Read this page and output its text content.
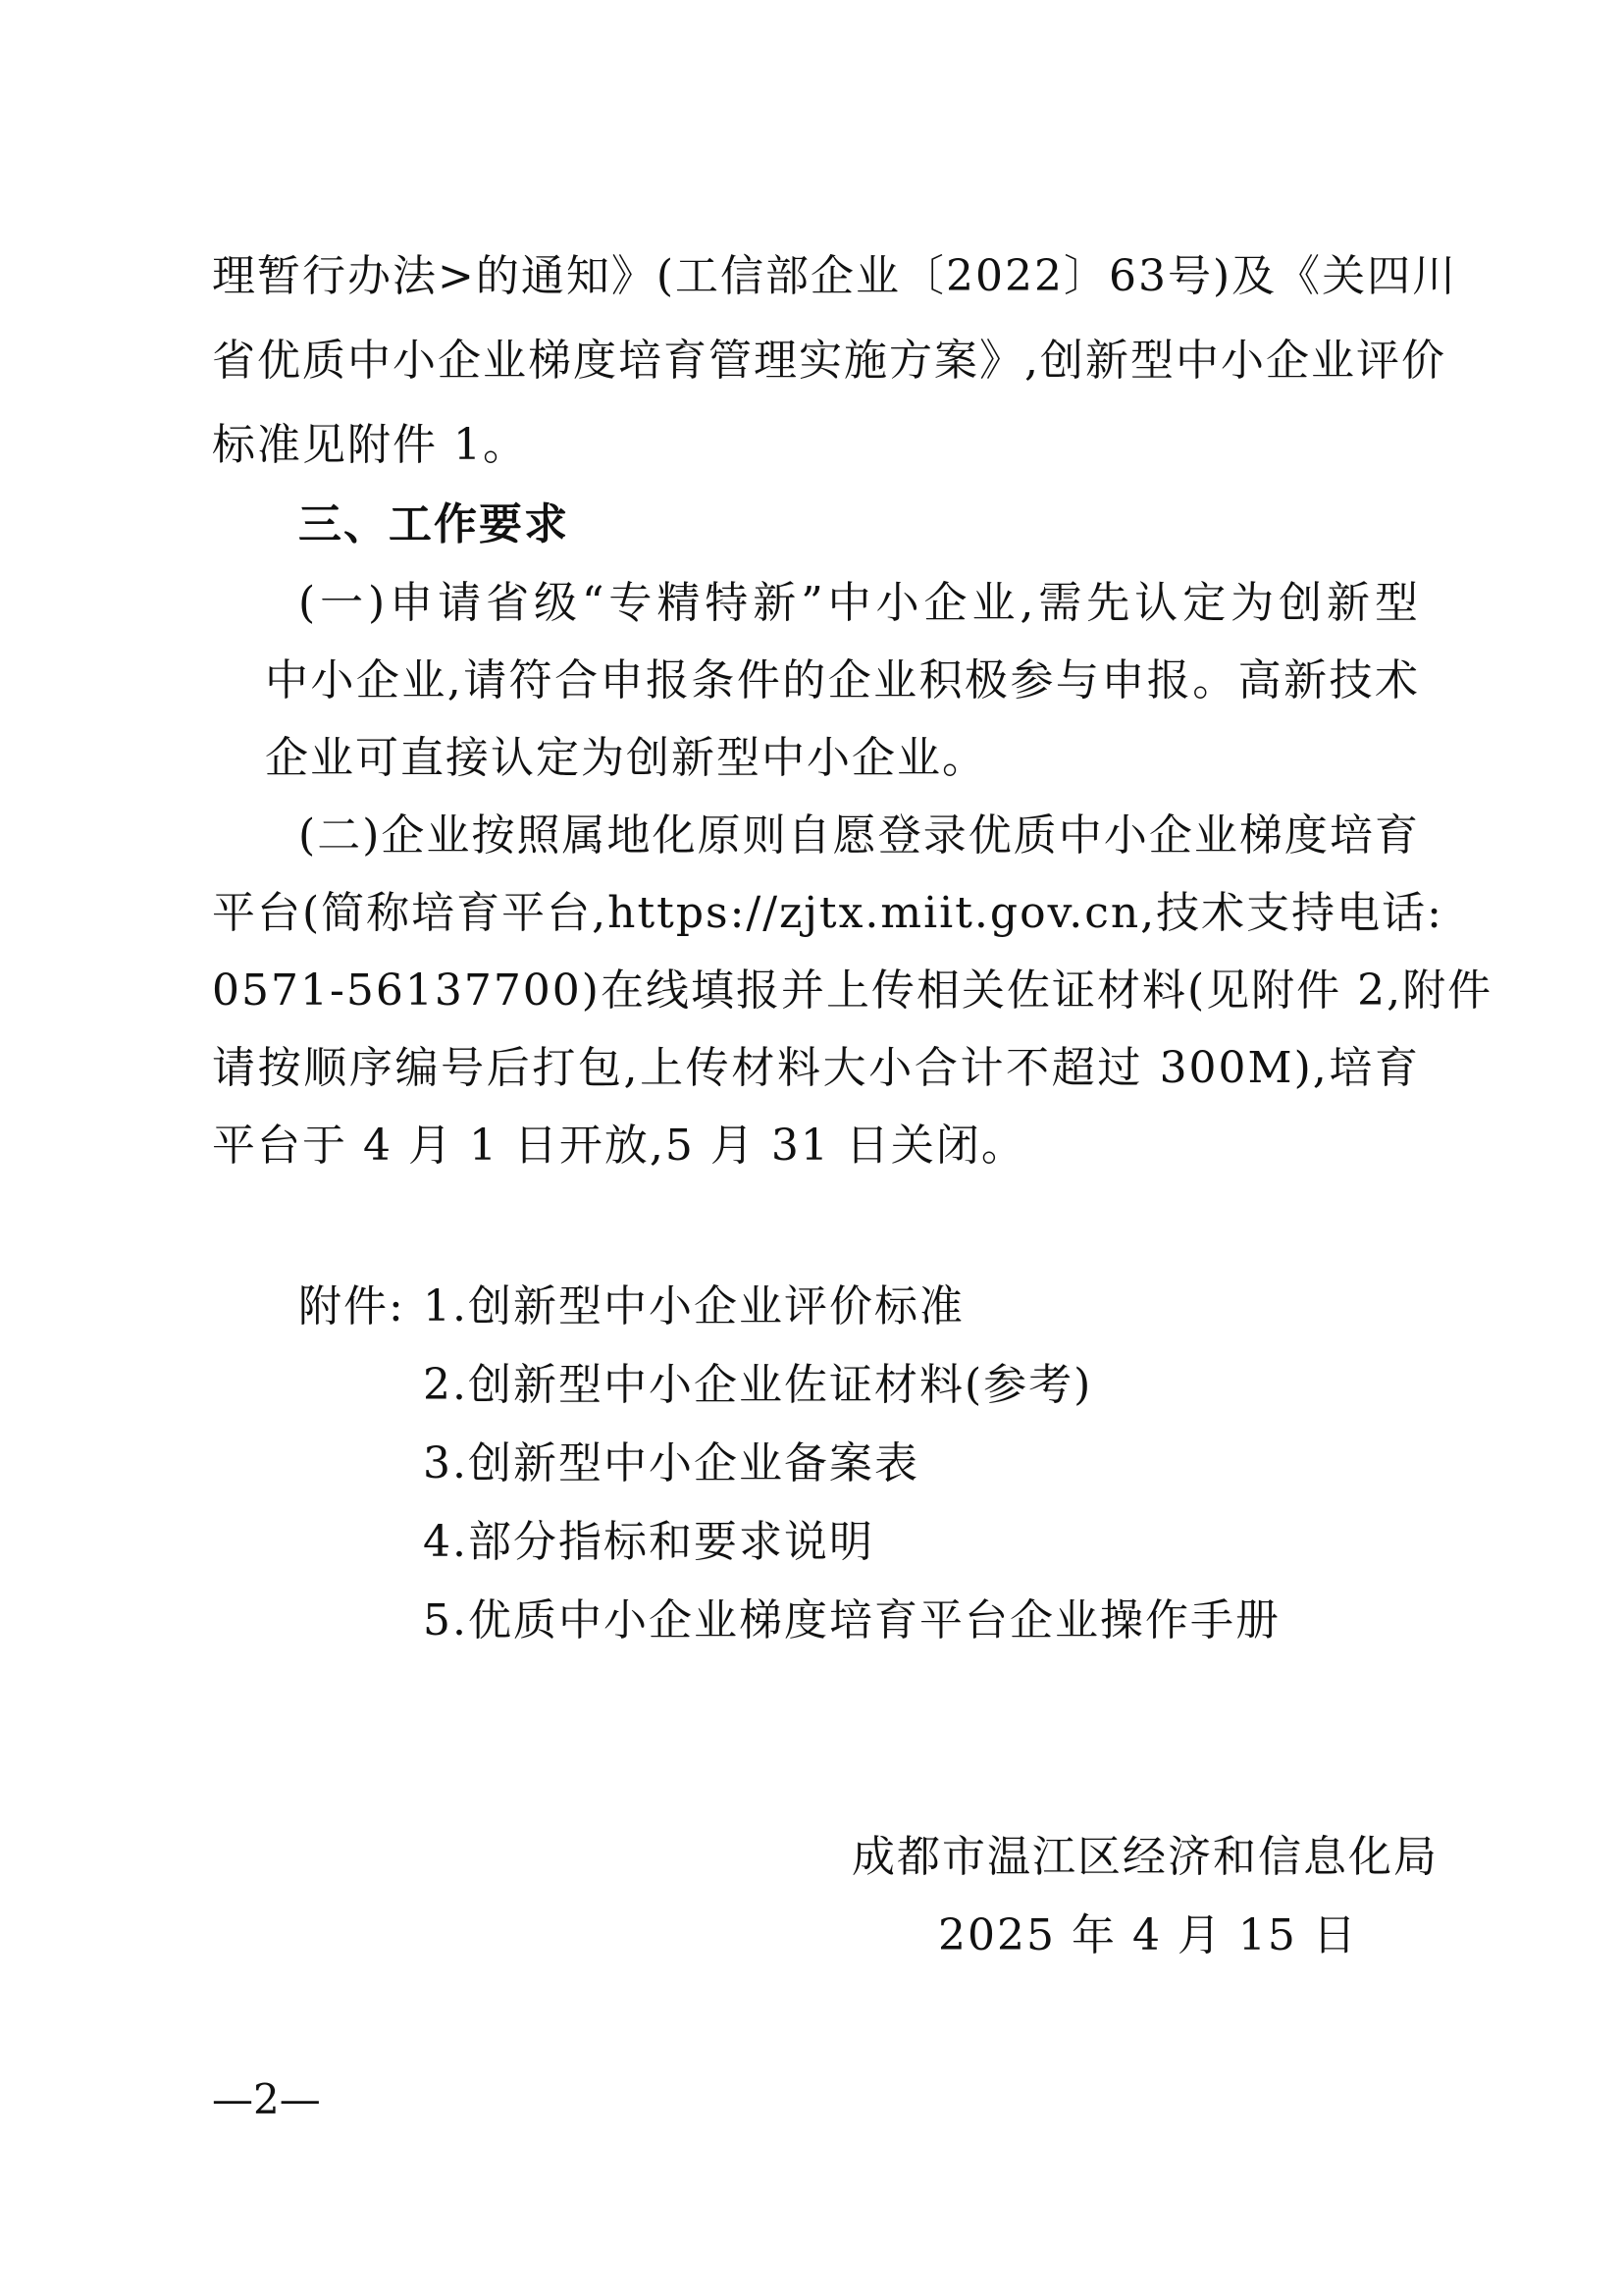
理暂行办法>的通知》(工信部企业〔2022〕63号)及《关四川
省优质中小企业梯度培育管理实施方案》,创新型中小企业评价
标准见附件 1。
三、工作要求
(一)申请省级“专精特新”中小企业,需先认定为创新型
中小企业,请符合申报条件的企业积极参与申报。高新技术
企业可直接认定为创新型中小企业。
(二)企业按照属地化原则自愿登录优质中小企业梯度培育
平台(简称培育平台,https://zjtx.miit.gov.cn,技术支持电话:
0571-56137700)在线填报并上传相关佐证材料(见附件 2,附件
请按顺序编号后打包,上传材料大小合计不超过 300M),培育
平台于 4 月 1 日开放,5 月 31 日关闭。
附件: 1.创新型中小企业评价标准
2.创新型中小企业佐证材料(参考)
3.创新型中小企业备案表
4.部分指标和要求说明
5.优质中小企业梯度培育平台企业操作手册
成都市温江区经济和信息化局
2025 年 4 月 15 日
—2—
